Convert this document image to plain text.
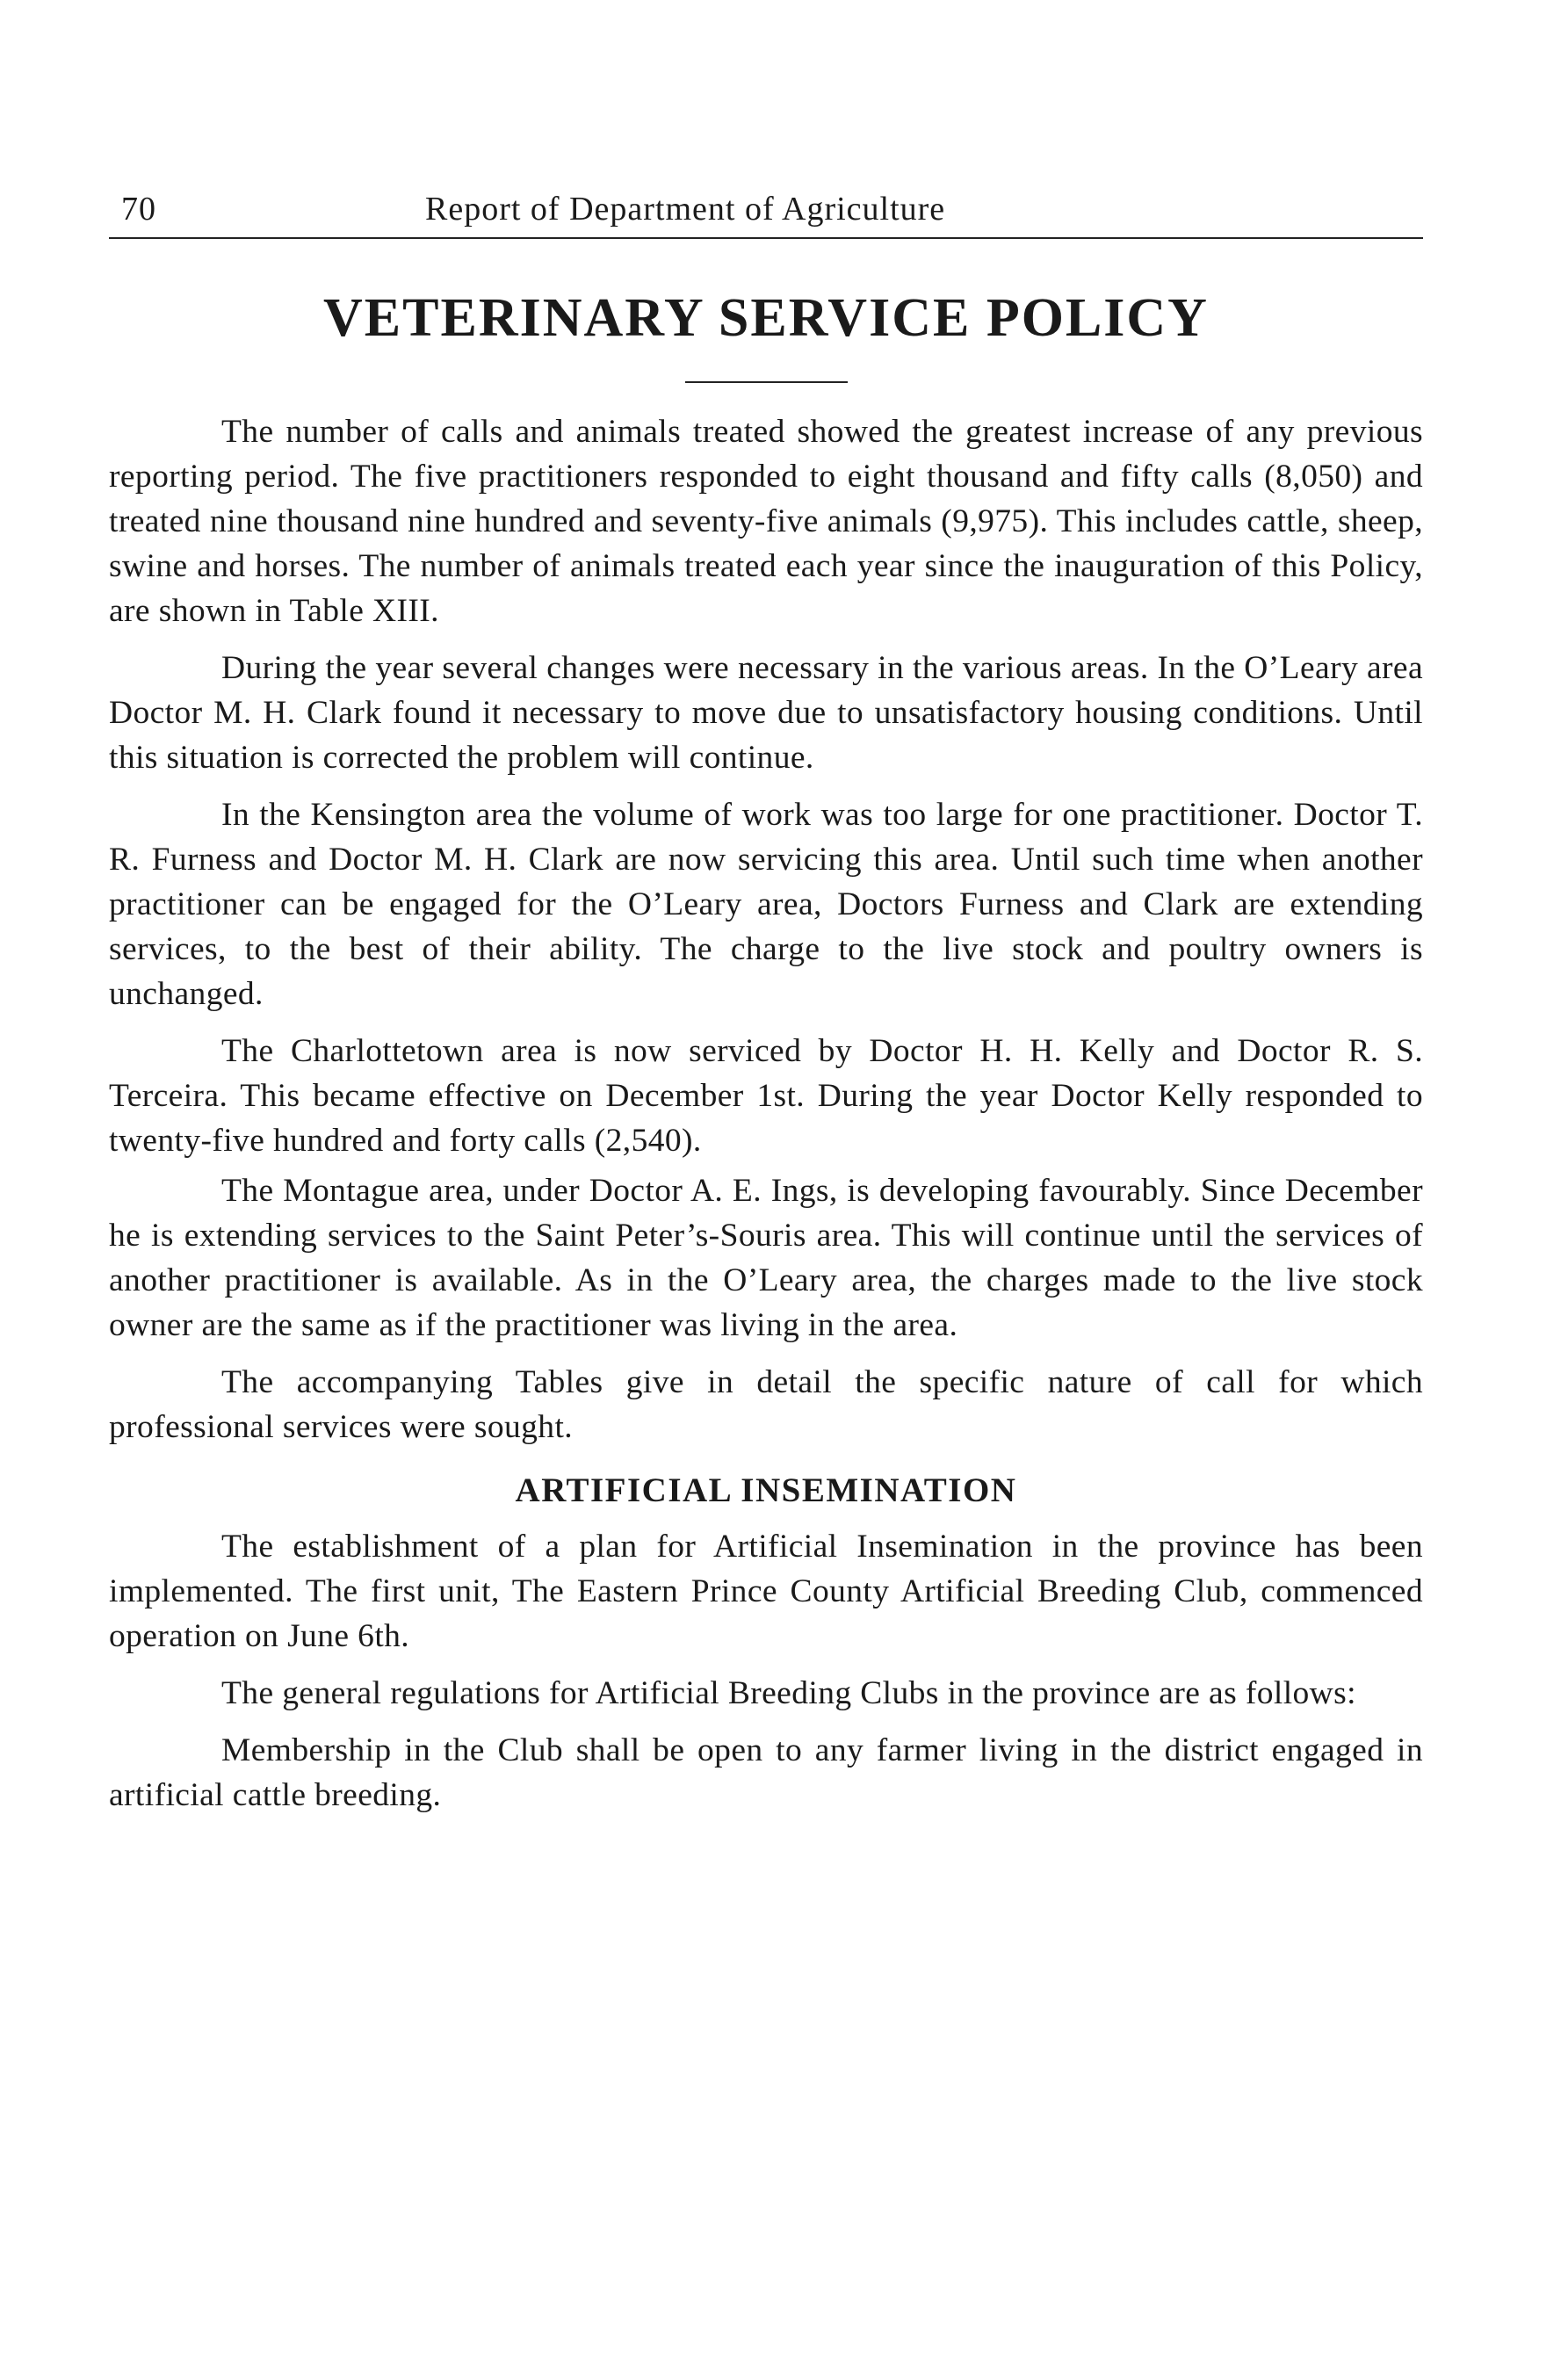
70	Report of Department of Agriculture
VETERINARY SERVICE POLICY

The number of calls and animals treated showed the greatest increase of any previous reporting period. The five practitioners responded to eight thousand and fifty calls (8,050) and treated nine thousand nine hundred and seventy-five animals (9,975). This includes cattle, sheep, swine and horses. The number of animals treated each year since the inauguration of this Policy, are shown in Table XIII.

During the year several changes were necessary in the various areas. In the O’Leary area Doctor M. H. Clark found it necessary to move due to unsatisfactory housing conditions. Until this situation is corrected the problem will continue.

In the Kensington area the volume of work was too large for one practitioner. Doctor T. R. Furness and Doctor M. H. Clark are now servicing this area. Until such time when another practitioner can be engaged for the O’Leary area, Doctors Furness and Clark are extending services, to the best of their ability. The charge to the live stock and poultry owners is unchanged.

The Charlottetown area is now serviced by Doctor H. H. Kelly and Doctor R. S. Terceira. This became effective on December 1st. During the year Doctor Kelly responded to twenty-five hundred and forty calls (2,540).

The Montague area, under Doctor A. E. Ings, is developing favourably. Since December he is extending services to the Saint Peter’s-Souris area. This will continue until the services of another practitioner is available. As in the O’Leary area, the charges made to the live stock owner are the same as if the practitioner was living in the area.

The accompanying Tables give in detail the specific nature of call for which professional services were sought.

ARTIFICIAL INSEMINATION

The establishment of a plan for Artificial Insemination in the province has been implemented. The first unit, The Eastern Prince County Artificial Breeding Club, commenced operation on June 6th.

The general regulations for Artificial Breeding Clubs in the province are as follows:

Membership in the Club shall be open to any farmer living in the district engaged in artificial cattle breeding.
